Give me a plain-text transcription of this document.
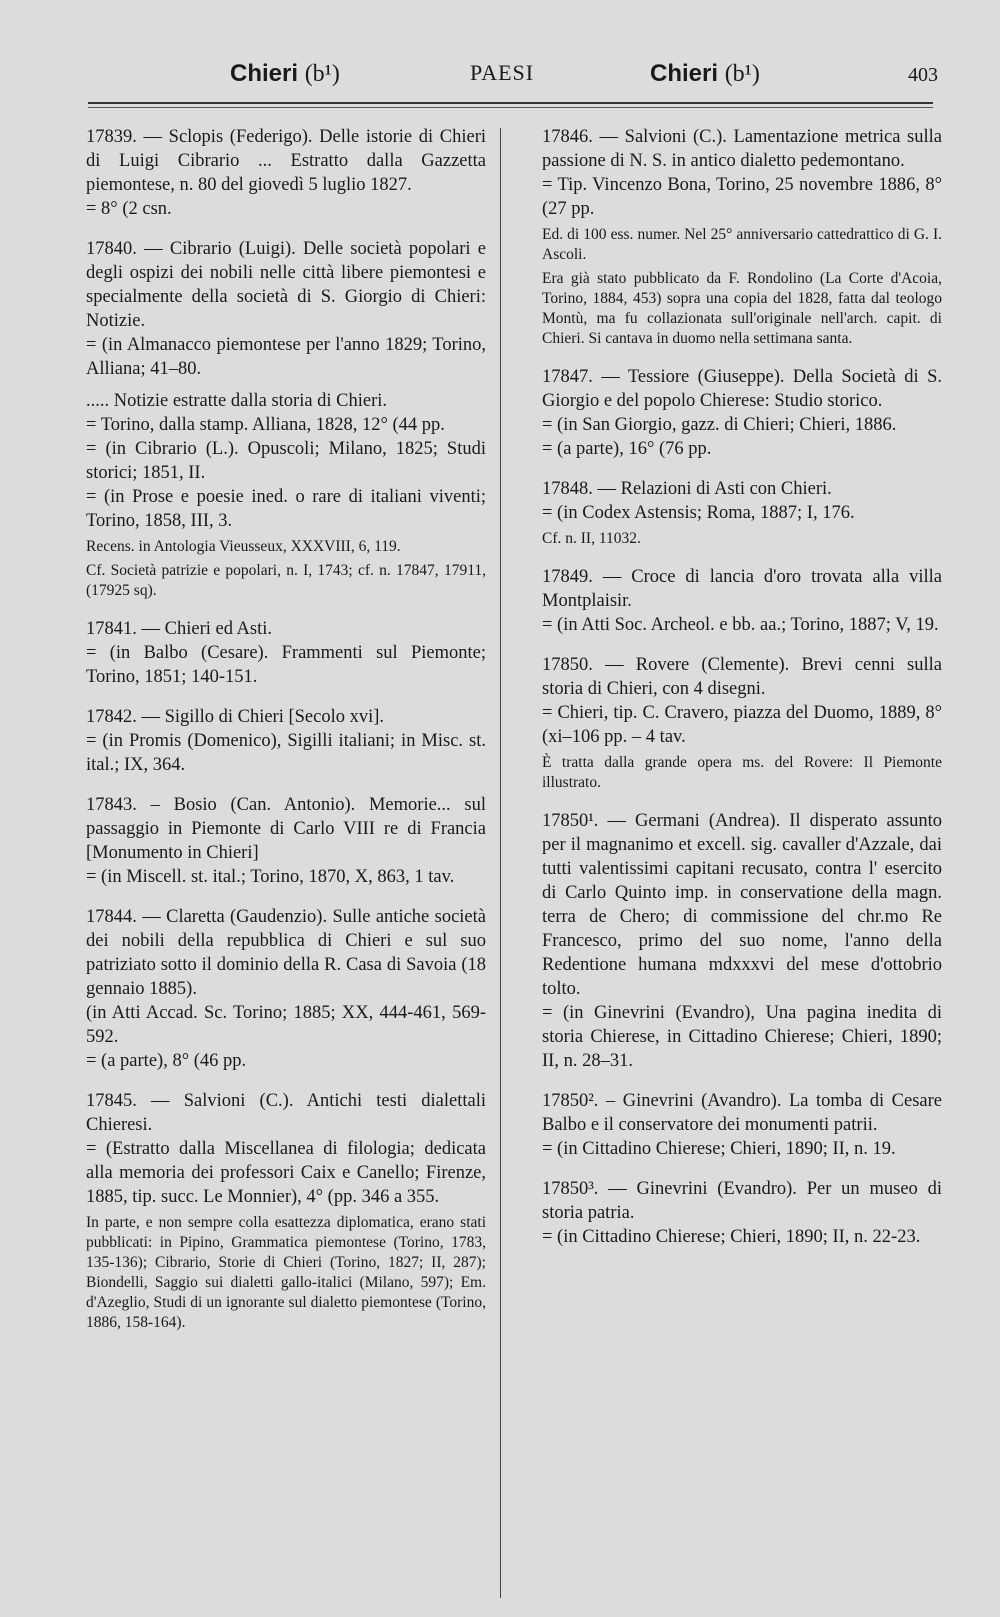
Chieri (b¹)	PAESI	Chieri (b¹)	403

17839. — Sclopis (Federigo). Delle istorie di Chieri di Luigi Cibrario ... Estratto dalla Gazzetta piemontese, n. 80 del giovedì 5 luglio 1827.

= 8° (2 csn.

17840. — Cibrario (Luigi). Delle società popolari e degli ospizi dei nobili nelle città libere piemontesi e specialmente della società di S. Giorgio di Chieri: Notizie.

= (in Almanacco piemontese per l'anno 1829; Torino, Alliana; 41–80.

..... Notizie estratte dalla storia di Chieri.

= Torino, dalla stamp. Alliana, 1828, 12° (44 pp.

= (in Cibrario (L.). Opuscoli; Milano, 1825; Studi storici; 1851, II.

= (in Prose e poesie ined. o rare di italiani viventi; Torino, 1858, III, 3.

Recens. in Antologia Vieusseux, XXXVIII, 6, 119.

Cf. Società patrizie e popolari, n. I, 1743; cf. n. 17847, 17911, (17925 sq).

17841. — Chieri ed Asti.

= (in Balbo (Cesare). Frammenti sul Piemonte; Torino, 1851; 140-151.

17842. — Sigillo di Chieri [Secolo xvi].

= (in Promis (Domenico), Sigilli italiani; in Misc. st. ital.; IX, 364.

17843. – Bosio (Can. Antonio). Memorie... sul passaggio in Piemonte di Carlo VIII re di Francia [Monumento in Chieri]

= (in Miscell. st. ital.; Torino, 1870, X, 863, 1 tav.

17844. — Claretta (Gaudenzio). Sulle antiche società dei nobili della repubblica di Chieri e sul suo patriziato sotto il dominio della R. Casa di Savoia (18 gennaio 1885).

(in Atti Accad. Sc. Torino; 1885; XX, 444-461, 569-592.

= (a parte), 8° (46 pp.

17845. — Salvioni (C.). Antichi testi dialettali Chieresi.

= (Estratto dalla Miscellanea di filologia; dedicata alla memoria dei professori Caix e Canello; Firenze, 1885, tip. succ. Le Monnier), 4° (pp. 346 a 355.

In parte, e non sempre colla esattezza diplomatica, erano stati pubblicati: in Pipino, Grammatica piemontese (Torino, 1783, 135-136); Cibrario, Storie di Chieri (Torino, 1827; II, 287); Biondelli, Saggio sui dialetti gallo-italici (Milano, 597); Em. d'Azeglio, Studi di un ignorante sul dialetto piemontese (Torino, 1886, 158-164).

17846. — Salvioni (C.). Lamentazione metrica sulla passione di N. S. in antico dialetto pedemontano.

= Tip. Vincenzo Bona, Torino, 25 novembre 1886, 8° (27 pp.

Ed. di 100 ess. numer. Nel 25° anniversario cattedrattico di G. I. Ascoli.

Era già stato pubblicato da F. Rondolino (La Corte d'Acoia, Torino, 1884, 453) sopra una copia del 1828, fatta dal teologo Montù, ma fu collazionata sull'originale nell'arch. capit. di Chieri. Si cantava in duomo nella settimana santa.

17847. — Tessiore (Giuseppe). Della Società di S. Giorgio e del popolo Chierese: Studio storico.

= (in San Giorgio, gazz. di Chieri; Chieri, 1886.

= (a parte), 16° (76 pp.

17848. — Relazioni di Asti con Chieri.

= (in Codex Astensis; Roma, 1887; I, 176.

Cf. n. II, 11032.

17849. — Croce di lancia d'oro trovata alla villa Montplaisir.

= (in Atti Soc. Archeol. e bb. aa.; Torino, 1887; V, 19.

17850. — Rovere (Clemente). Brevi cenni sulla storia di Chieri, con 4 disegni.

= Chieri, tip. C. Cravero, piazza del Duomo, 1889, 8° (xi–106 pp. – 4 tav.

È tratta dalla grande opera ms. del Rovere: Il Piemonte illustrato.

17850¹. — Germani (Andrea). Il disperato assunto per il magnanimo et excell. sig. cavaller d'Azzale, dai tutti valentissimi capitani recusato, contra l' esercito di Carlo Quinto imp. in conservatione della magn. terra de Chero; di commissione del chr.mo Re Francesco, primo del suo nome, l'anno della Redentione humana mdxxxvi del mese d'ottobrio tolto.

= (in Ginevrini (Evandro), Una pagina inedita di storia Chierese, in Cittadino Chierese; Chieri, 1890; II, n. 28–31.

17850². – Ginevrini (Avandro). La tomba di Cesare Balbo e il conservatore dei monumenti patrii.

= (in Cittadino Chierese; Chieri, 1890; II, n. 19.

17850³. — Ginevrini (Evandro). Per un museo di storia patria.

= (in Cittadino Chierese; Chieri, 1890; II, n. 22-23.
